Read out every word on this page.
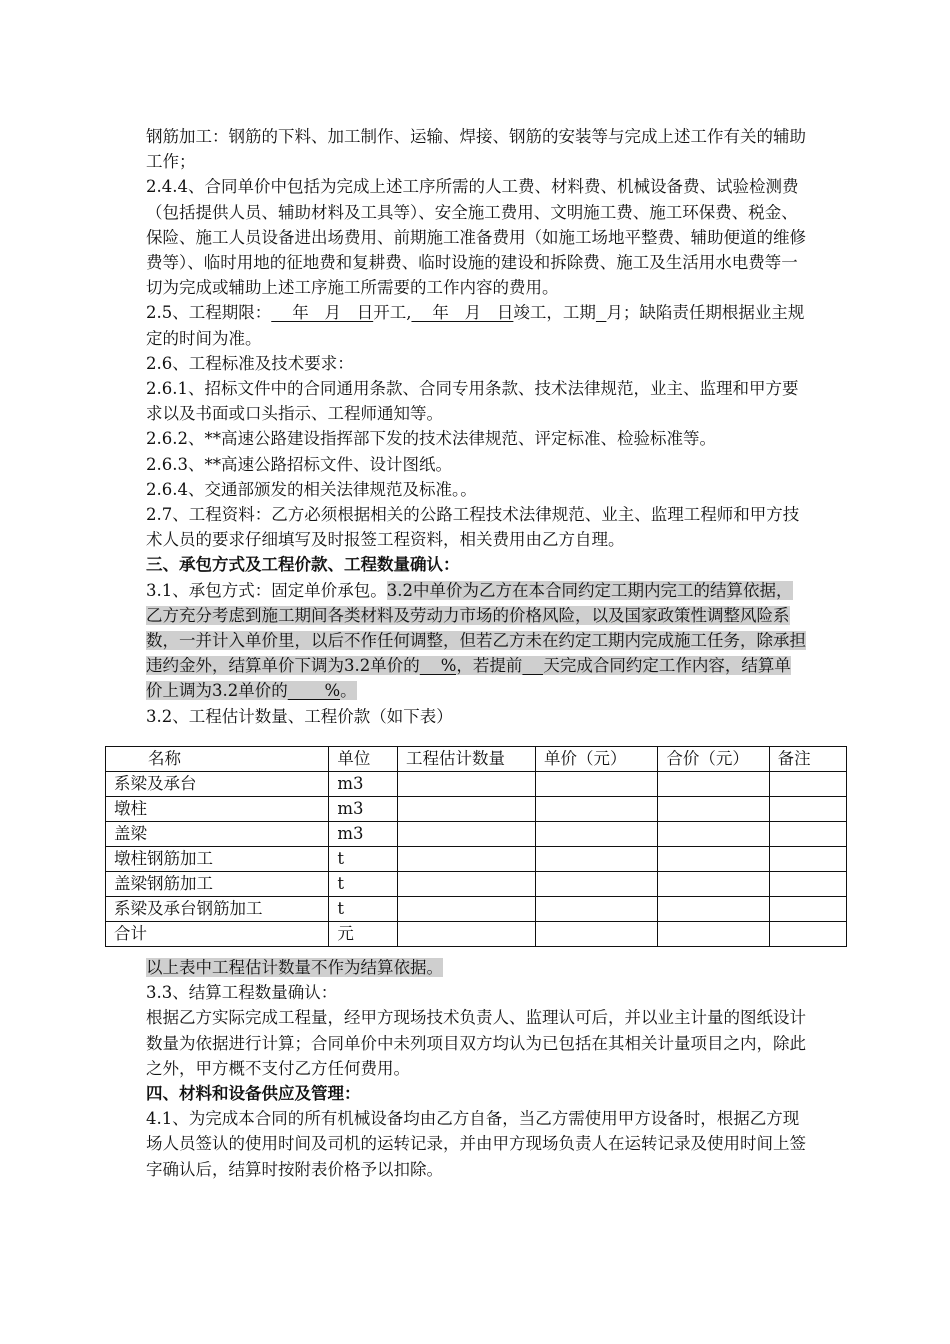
钢筋加工：钢筋的下料、加工制作、运输、焊接、钢筋的安装等与完成上述工作有关的辅助工作；

2.4.4、合同单价中包括为完成上述工序所需的人工费、材料费、机械设备费、试验检测费（包括提供人员、辅助材料及工具等）、安全施工费用、文明施工费、施工环保费、税金、保险、施工人员设备进出场费用、前期施工准备费用（如施工场地平整费、辅助便道的维修费等）、临时用地的征地费和复耕费、临时设施的建设和拆除费、施工及生活用水电费等一切为完成或辅助上述工序施工所需要的工作内容的费用。

2.5、工程期限：    年   月   日开工,    年   月   日竣工，工期 月；缺陷责任期根据业主规定的时间为准。

2.6、工程标准及技术要求：

2.6.1、招标文件中的合同通用条款、合同专用条款、技术法律规范，业主、监理和甲方要求以及书面或口头指示、工程师通知等。

2.6.2、**高速公路建设指挥部下发的技术法律规范、评定标准、检验标准等。

2.6.3、**高速公路招标文件、设计图纸。

2.6.4、交通部颁发的相关法律规范及标准。。

2.7、工程资料：乙方必须根据相关的公路工程技术法律规范、业主、监理工程师和甲方技术人员的要求仔细填写及时报签工程资料，相关费用由乙方自理。

三、承包方式及工程价款、工程数量确认：

3.1、承包方式：固定单价承包。3.2中单价为乙方在本合同约定工期内完工的结算依据，乙方充分考虑到施工期间各类材料及劳动力市场的价格风险，以及国家政策性调整风险系数，一并计入单价里，以后不作任何调整，但若乙方未在约定工期内完成施工任务，除承担违约金外，结算单价下调为3.2单价的    %，若提前 天完成合同约定工作内容，结算单价上调为3.2单价的       %。

3.2、工程估计数量、工程价款（如下表）

名称	单位	工程估计数量	单价（元）	合价（元）	备注
系梁及承台	m3				
墩柱	m3				
盖梁	m3				
墩柱钢筋加工	t				
盖梁钢筋加工	t				
系梁及承台钢筋加工	t				
合计	元				

以上表中工程估计数量不作为结算依据。

3.3、结算工程数量确认：

根据乙方实际完成工程量，经甲方现场技术负责人、监理认可后，并以业主计量的图纸设计数量为依据进行计算；合同单价中未列项目双方均认为已包括在其相关计量项目之内，除此之外，甲方概不支付乙方任何费用。

四、材料和设备供应及管理：

4.1、为完成本合同的所有机械设备均由乙方自备，当乙方需使用甲方设备时，根据乙方现场人员签认的使用时间及司机的运转记录，并由甲方现场负责人在运转记录及使用时间上签字确认后，结算时按附表价格予以扣除。
